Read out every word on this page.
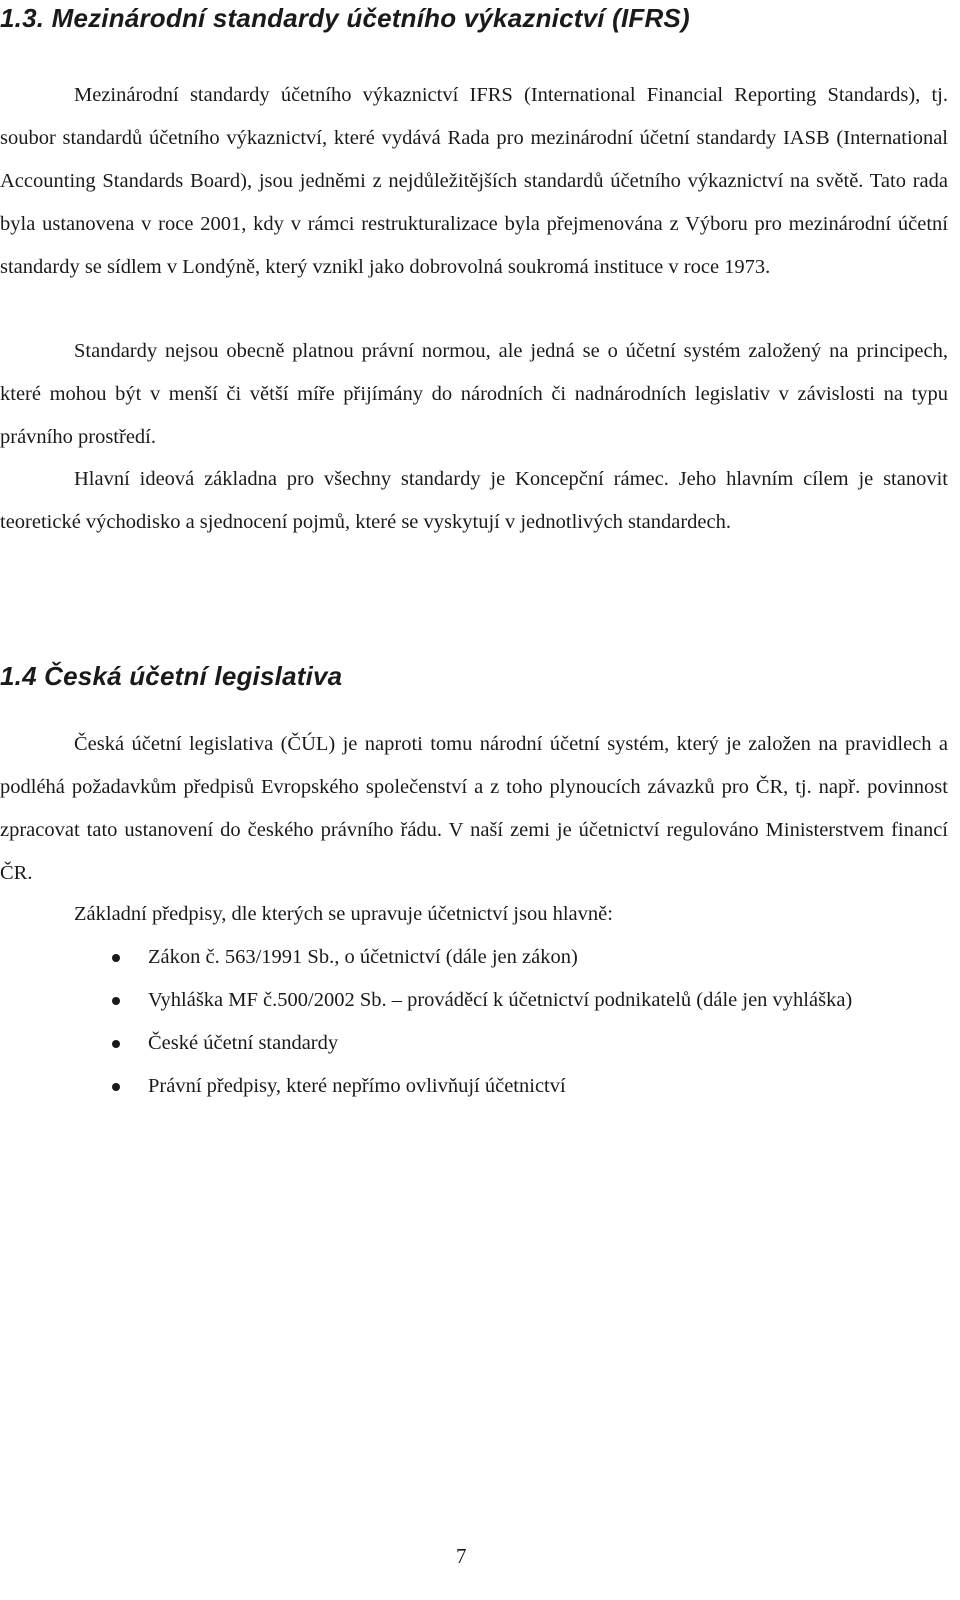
1.3. Mezinárodní standardy účetního výkaznictví (IFRS)

Mezinárodní standardy účetního výkaznictví IFRS (International Financial Reporting Standards), tj. soubor standardů účetního výkaznictví, které vydává Rada pro mezinárodní účetní standardy IASB (International Accounting Standards Board), jsou jedněmi z nejdůležitějších standardů účetního výkaznictví na světě. Tato rada byla ustanovena v roce 2001, kdy v rámci restrukturalizace byla přejmenována z Výboru pro mezinárodní účetní standardy se sídlem v Londýně, který vznikl jako dobrovolná soukromá instituce v roce 1973.

Standardy nejsou obecně platnou právní normou, ale jedná se o účetní systém založený na principech, které mohou být v menší či větší míře přijímány do národních či nadnárodních legislativ v závislosti na typu právního prostředí.

Hlavní ideová základna pro všechny standardy je Koncepční rámec. Jeho hlavním cílem je stanovit teoretické východisko a sjednocení pojmů, které se vyskytují v jednotlivých standardech.

1.4 Česká účetní legislativa

Česká účetní legislativa (ČÚL) je naproti tomu národní účetní systém, který je založen na pravidlech a podléhá požadavkům předpisů Evropského společenství a z toho plynoucích závazků pro ČR, tj. např. povinnost zpracovat tato ustanovení do českého právního řádu. V naší zemi je účetnictví regulováno Ministerstvem financí ČR.

Základní předpisy, dle kterých se upravuje účetnictví jsou hlavně:

Zákon č. 563/1991 Sb., o účetnictví (dále jen zákon)
Vyhláška MF č.500/2002 Sb. – prováděcí k účetnictví podnikatelů (dále jen vyhláška)
České účetní standardy
Právní předpisy, které nepřímo ovlivňují účetnictví
7
